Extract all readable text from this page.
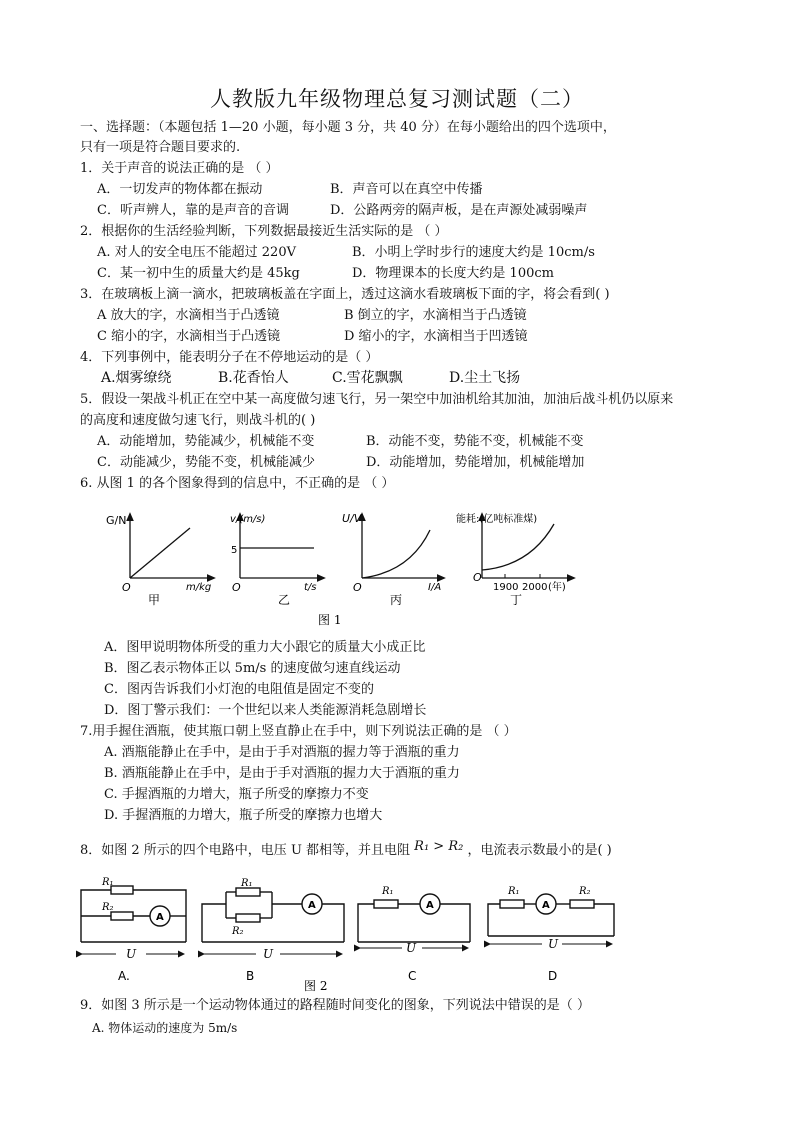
人教版九年级物理总复习测试题（二）
一、选择题：（本题包括 1—20 小题，每小题 3 分，共 40 分）在每小题给出的四个选项中，
只有一项是符合题目要求的.
1．关于声音的说法正确的是 （ ）
A．一切发声的物体都在振动	B．声音可以在真空中传播
C．听声辨人，靠的是声音的音调	D．公路两旁的隔声板，是在声源处减弱噪声
2．根据你的生活经验判断，下列数据最接近生活实际的是 （ ）
A. 对人的安全电压不能超过 220V	B．小明上学时步行的速度大约是 10cm/s
C．某一初中生的质量大约是 45kg	D．物理课本的长度大约是 100cm
3．在玻璃板上滴一滴水，把玻璃板盖在字面上，透过这滴水看玻璃板下面的字，将会看到( )
A 放大的字，水滴相当于凸透镜	B 倒立的字，水滴相当于凸透镜
C 缩小的字，水滴相当于凸透镜	D 缩小的字，水滴相当于凹透镜
4．下列事例中，能表明分子在不停地运动的是（ ）
A.烟雾缭绕	B.花香怡人	C.雪花飘飘	D.尘土飞扬
5．假设一架战斗机正在空中某一高度做匀速飞行，另一架空中加油机给其加油，加油后战斗机仍以原来
的高度和速度做匀速飞行，则战斗机的( )
A．动能增加，势能减少，机械能不变	B．动能不变，势能不变，机械能不变
C．动能减少，势能不变，机械能减少	D．动能增加，势能增加，机械能增加
6. 从图 1 的各个图象得到的信息中，不正确的是 （ ）
G/N
O	m/kg
甲
v/(m/s)
5
O	t/s
乙
U/V
O	I/A
丙
能耗:(亿吨标准煤)
O
1900 2000 (年)
丁
图 1
A．图甲说明物体所受的重力大小跟它的质量大小成正比
B．图乙表示物体正以 5m/s 的速度做匀速直线运动
C．图丙告诉我们小灯泡的电阻值是固定不变的
D．图丁警示我们：一个世纪以来人类能源消耗急剧增长
7.用手握住酒瓶，使其瓶口朝上竖直静止在手中，则下列说法正确的是 （ ）
A. 酒瓶能静止在手中，是由于手对酒瓶的握力等于酒瓶的重力
B. 酒瓶能静止在手中，是由于手对酒瓶的握力大于酒瓶的重力
C. 手握酒瓶的力增大，瓶子所受的摩擦力不变
D. 手握酒瓶的力增大，瓶子所受的摩擦力也增大
8．如图 2 所示的四个电路中，电压 U 都相等，并且电阻 R₁ > R₂ ，电流表示数最小的是( )
R₁
R₂
A
U
A.
R₁
R₂
A
U
B
R₁
A
U
C
R₁	R₂
A
U
D
图 2
9．如图 3 所示是一个运动物体通过的路程随时间变化的图象，下列说法中错误的是（ ）
A. 物体运动的速度为 5m/s
